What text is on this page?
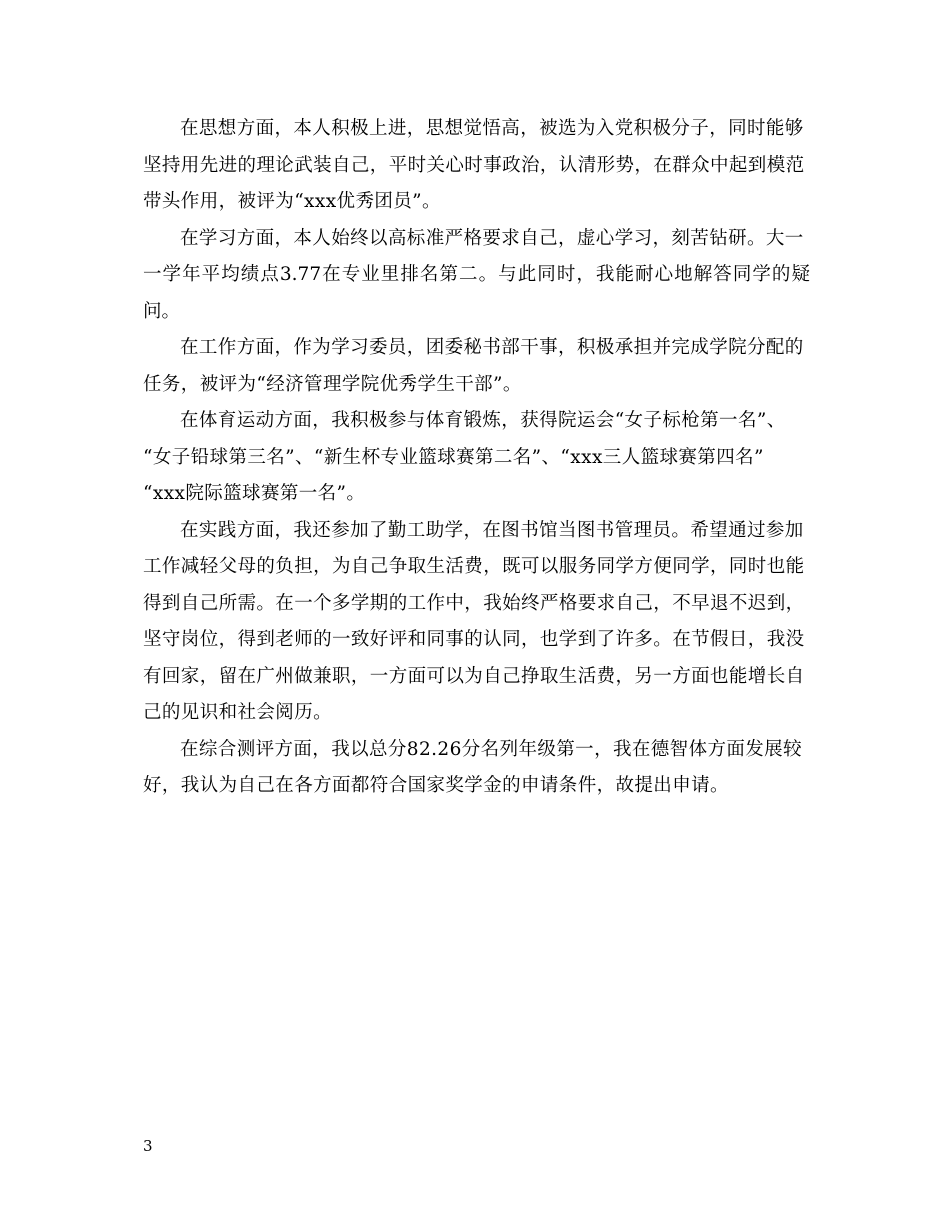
在思想方面，本人积极上进，思想觉悟高，被选为入党积极分子，同时能够
坚持用先进的理论武装自己，平时关心时事政治，认清形势，在群众中起到模范
带头作用，被评为“xxx优秀团员”。

在学习方面，本人始终以高标准严格要求自己，虚心学习，刻苦钻研。大一
一学年平均绩点3.77在专业里排名第二。与此同时，我能耐心地解答同学的疑问。

在工作方面，作为学习委员，团委秘书部干事，积极承担并完成学院分配的
任务，被评为“经济管理学院优秀学生干部”。

在体育运动方面，我积极参与体育锻炼，获得院运会“女子标枪第一名”、
“女子铅球第三名”、“新生杯专业篮球赛第二名”、“xxx三人篮球赛第四名”
“xxx院际篮球赛第一名”。

在实践方面，我还参加了勤工助学，在图书馆当图书管理员。希望通过参加
工作减轻父母的负担，为自己争取生活费，既可以服务同学方便同学，同时也能
得到自己所需。在一个多学期的工作中，我始终严格要求自己，不早退不迟到，
坚守岗位，得到老师的一致好评和同事的认同，也学到了许多。在节假日，我没
有回家，留在广州做兼职，一方面可以为自己挣取生活费，另一方面也能增长自
己的见识和社会阅历。

在综合测评方面，我以总分82.26分名列年级第一，我在德智体方面发展较
好，我认为自己在各方面都符合国家奖学金的申请条件，故提出申请。

3
